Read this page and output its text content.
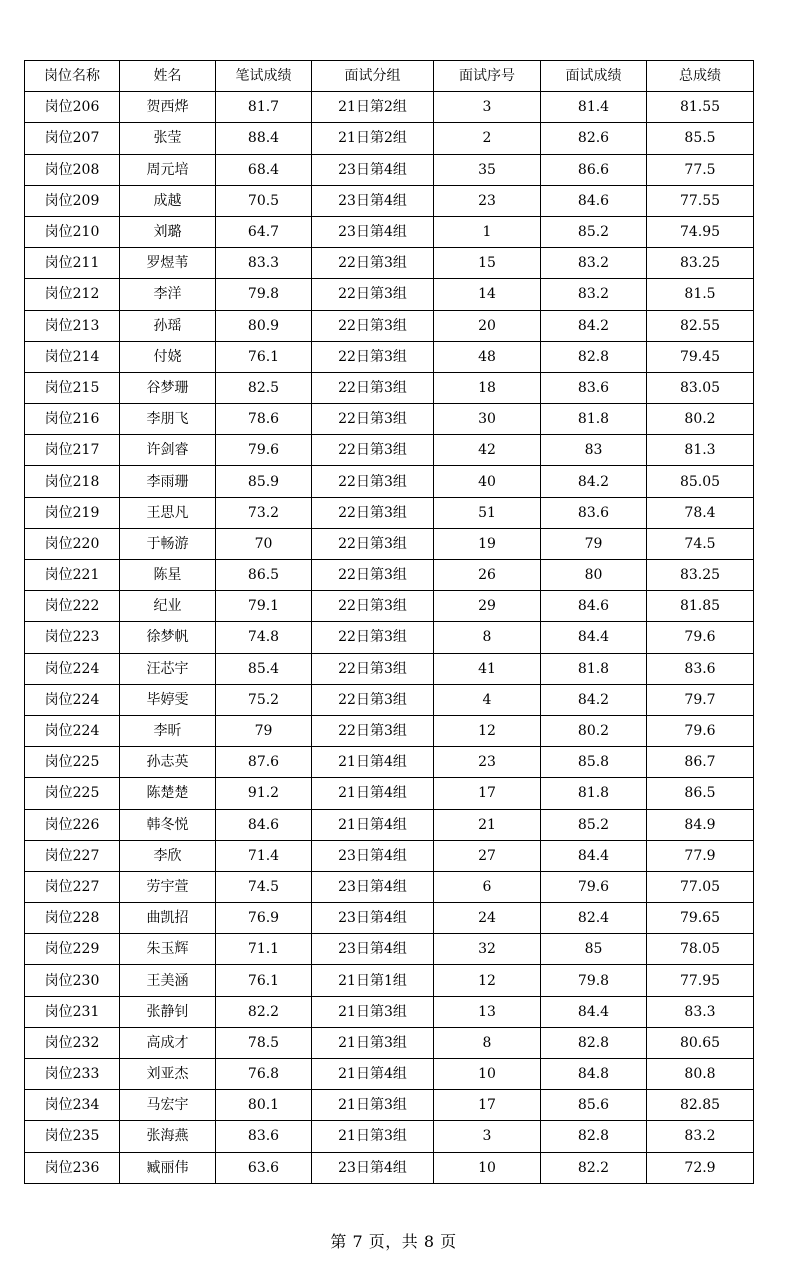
岗位名称	姓名	笔试成绩	面试分组	面试序号	面试成绩	总成绩
岗位206	贺西烨	81.7	21日第2组	3	81.4	81.55
岗位207	张莹	88.4	21日第2组	2	82.6	85.5
岗位208	周元培	68.4	23日第4组	35	86.6	77.5
岗位209	成越	70.5	23日第4组	23	84.6	77.55
岗位210	刘璐	64.7	23日第4组	1	85.2	74.95
岗位211	罗煜苇	83.3	22日第3组	15	83.2	83.25
岗位212	李洋	79.8	22日第3组	14	83.2	81.5
岗位213	孙瑶	80.9	22日第3组	20	84.2	82.55
岗位214	付娆	76.1	22日第3组	48	82.8	79.45
岗位215	谷梦珊	82.5	22日第3组	18	83.6	83.05
岗位216	李朋飞	78.6	22日第3组	30	81.8	80.2
岗位217	许剑睿	79.6	22日第3组	42	83	81.3
岗位218	李雨珊	85.9	22日第3组	40	84.2	85.05
岗位219	王思凡	73.2	22日第3组	51	83.6	78.4
岗位220	于畅游	70	22日第3组	19	79	74.5
岗位221	陈星	86.5	22日第3组	26	80	83.25
岗位222	纪业	79.1	22日第3组	29	84.6	81.85
岗位223	徐梦帆	74.8	22日第3组	8	84.4	79.6
岗位224	汪芯宇	85.4	22日第3组	41	81.8	83.6
岗位224	毕婷雯	75.2	22日第3组	4	84.2	79.7
岗位224	李昕	79	22日第3组	12	80.2	79.6
岗位225	孙志英	87.6	21日第4组	23	85.8	86.7
岗位225	陈楚楚	91.2	21日第4组	17	81.8	86.5
岗位226	韩冬悦	84.6	21日第4组	21	85.2	84.9
岗位227	李欣	71.4	23日第4组	27	84.4	77.9
岗位227	劳宇萱	74.5	23日第4组	6	79.6	77.05
岗位228	曲凯招	76.9	23日第4组	24	82.4	79.65
岗位229	朱玉辉	71.1	23日第4组	32	85	78.05
岗位230	王美涵	76.1	21日第1组	12	79.8	77.95
岗位231	张静钊	82.2	21日第3组	13	84.4	83.3
岗位232	高成才	78.5	21日第3组	8	82.8	80.65
岗位233	刘亚杰	76.8	21日第4组	10	84.8	80.8
岗位234	马宏宇	80.1	21日第3组	17	85.6	82.85
岗位235	张海燕	83.6	21日第3组	3	82.8	83.2
岗位236	臧丽伟	63.6	23日第4组	10	82.2	72.9
第 7 页，共 8 页
